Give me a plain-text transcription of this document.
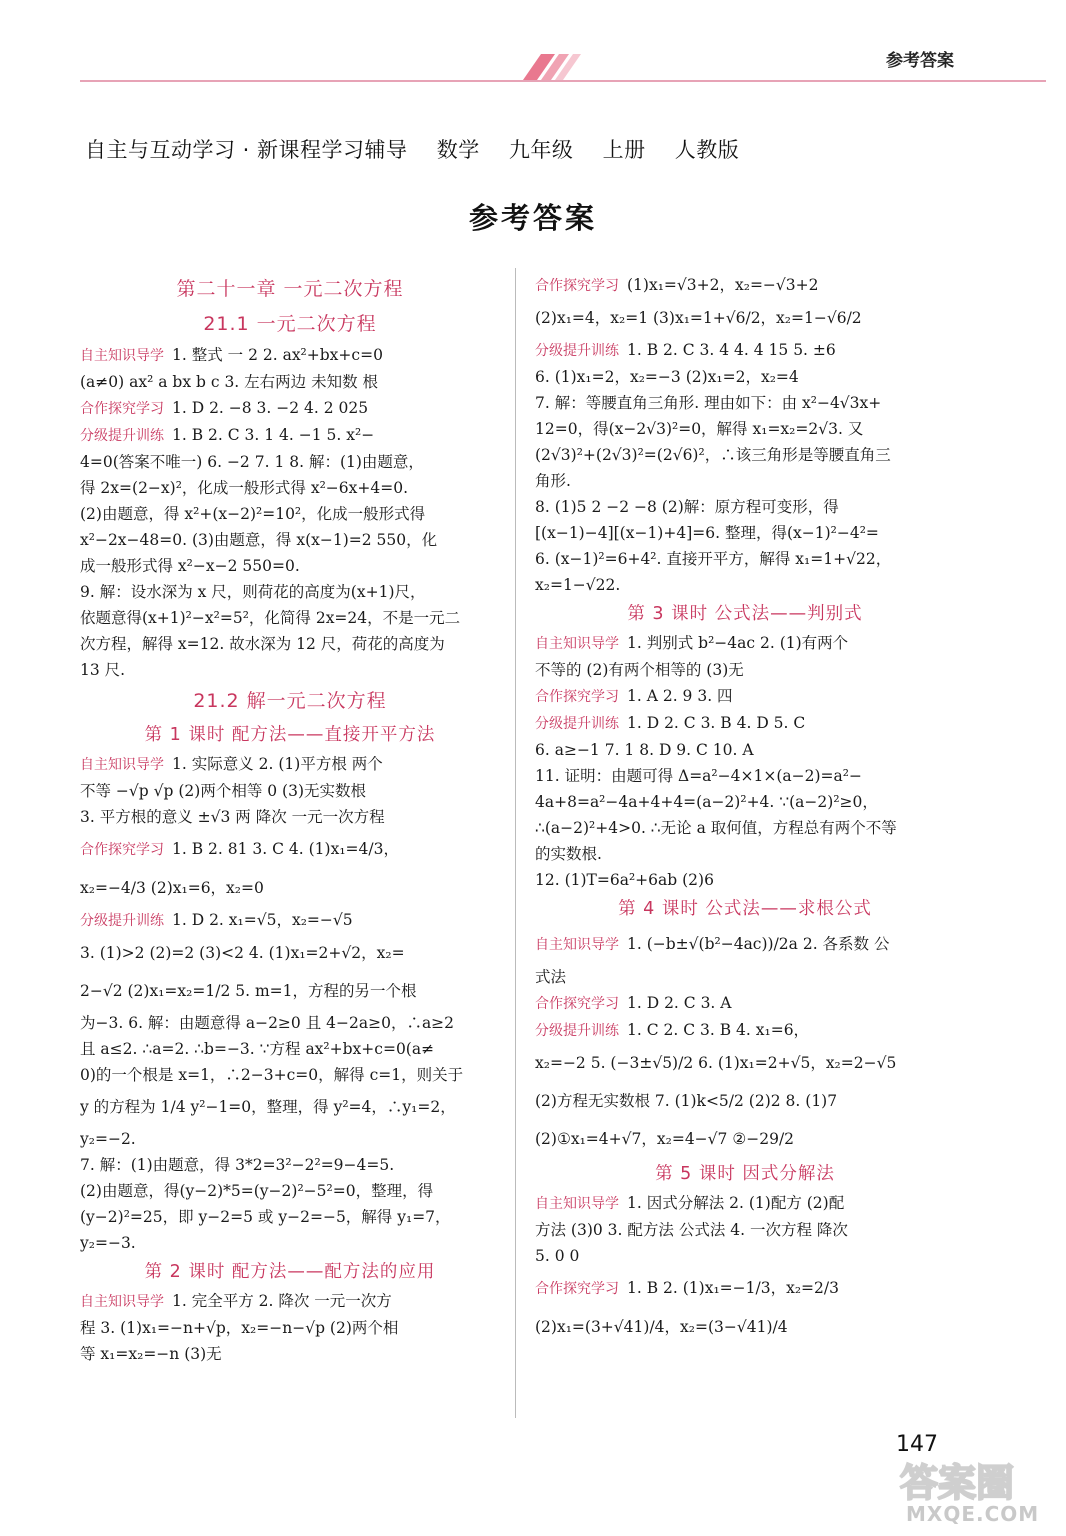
参考答案
自主与互动学习 · 新课程学习辅导 数学 九年级 上册 人教版
参考答案
第二十一章 一元二次方程
21.1 一元二次方程
自主知识导学 1. 整式 一 2 2. ax²+bx+c=0
(a≠0) ax² a bx b c 3. 左右两边 未知数 根
合作探究学习 1. D 2. −8 3. −2 4. 2 025
分级提升训练 1. B 2. C 3. 1 4. −1 5. x²−
4=0(答案不唯一) 6. −2 7. 1 8. 解：(1)由题意，
得 2x=(2−x)²，化成一般形式得 x²−6x+4=0.
(2)由题意，得 x²+(x−2)²=10²，化成一般形式得
x²−2x−48=0. (3)由题意，得 x(x−1)=2 550，化
成一般形式得 x²−x−2 550=0.
9. 解：设水深为 x 尺，则荷花的高度为(x+1)尺，
依题意得(x+1)²−x²=5²，化简得 2x=24，不是一元二
次方程，解得 x=12. 故水深为 12 尺，荷花的高度为
13 尺.
21.2 解一元二次方程
第 1 课时 配方法——直接开平方法
自主知识导学 1. 实际意义 2. (1)平方根 两个
不等 −√p √p (2)两个相等 0 (3)无实数根
3. 平方根的意义 ±√3 两 降次 一元一次方程
合作探究学习 1. B 2. 81 3. C 4. (1)x₁=4/3，
x₂=−4/3 (2)x₁=6，x₂=0
分级提升训练 1. D 2. x₁=√5，x₂=−√5
3. (1)>2 (2)=2 (3)<2 4. (1)x₁=2+√2，x₂=
2−√2 (2)x₁=x₂=1/2 5. m=1，方程的另一个根
为−3. 6. 解：由题意得 a−2≥0 且 4−2a≥0，∴a≥2
且 a≤2. ∴a=2. ∴b=−3. ∵方程 ax²+bx+c=0(a≠
0)的一个根是 x=1，∴2−3+c=0，解得 c=1，则关于
y 的方程为 1/4 y²−1=0，整理，得 y²=4，∴y₁=2，
y₂=−2.
7. 解：(1)由题意，得 3*2=3²−2²=9−4=5.
(2)由题意，得(y−2)*5=(y−2)²−5²=0，整理，得
(y−2)²=25，即 y−2=5 或 y−2=−5，解得 y₁=7，
y₂=−3.
第 2 课时 配方法——配方法的应用
自主知识导学 1. 完全平方 2. 降次 一元一次方
程 3. (1)x₁=−n+√p，x₂=−n−√p (2)两个相
等 x₁=x₂=−n (3)无
合作探究学习 (1)x₁=√3+2，x₂=−√3+2
(2)x₁=4，x₂=1 (3)x₁=1+√6/2，x₂=1−√6/2
分级提升训练 1. B 2. C 3. 4 4. 4 15 5. ±6
6. (1)x₁=2，x₂=−3 (2)x₁=2，x₂=4
7. 解：等腰直角三角形. 理由如下：由 x²−4√3x+
12=0，得(x−2√3)²=0，解得 x₁=x₂=2√3. 又
(2√3)²+(2√3)²=(2√6)²，∴该三角形是等腰直角三
角形.
8. (1)5 2 −2 −8 (2)解：原方程可变形，得
[(x−1)−4][(x−1)+4]=6. 整理，得(x−1)²−4²=
6. (x−1)²=6+4². 直接开平方，解得 x₁=1+√22，
x₂=1−√22.
第 3 课时 公式法——判别式
自主知识导学 1. 判别式 b²−4ac 2. (1)有两个
不等的 (2)有两个相等的 (3)无
合作探究学习 1. A 2. 9 3. 四
分级提升训练 1. D 2. C 3. B 4. D 5. C
6. a≥−1 7. 1 8. D 9. C 10. A
11. 证明：由题可得 Δ=a²−4×1×(a−2)=a²−
4a+8=a²−4a+4+4=(a−2)²+4. ∵(a−2)²≥0，
∴(a−2)²+4>0. ∴无论 a 取何值，方程总有两个不等
的实数根.
12. (1)T=6a²+6ab (2)6
第 4 课时 公式法——求根公式
自主知识导学 1. (−b±√(b²−4ac))/2a 2. 各系数 公
式法
合作探究学习 1. D 2. C 3. A
分级提升训练 1. C 2. C 3. B 4. x₁=6，
x₂=−2 5. (−3±√5)/2 6. (1)x₁=2+√5，x₂=2−√5
(2)方程无实数根 7. (1)k<5/2 (2)2 8. (1)7
(2)①x₁=4+√7，x₂=4−√7 ②−29/2
第 5 课时 因式分解法
自主知识导学 1. 因式分解法 2. (1)配方 (2)配
方法 (3)0 3. 配方法 公式法 4. 一次方程 降次
5. 0 0
合作探究学习 1. B 2. (1)x₁=−1/3，x₂=2/3
(2)x₁=(3+√41)/4，x₂=(3−√41)/4
147
答案圈
MXQE.COM
